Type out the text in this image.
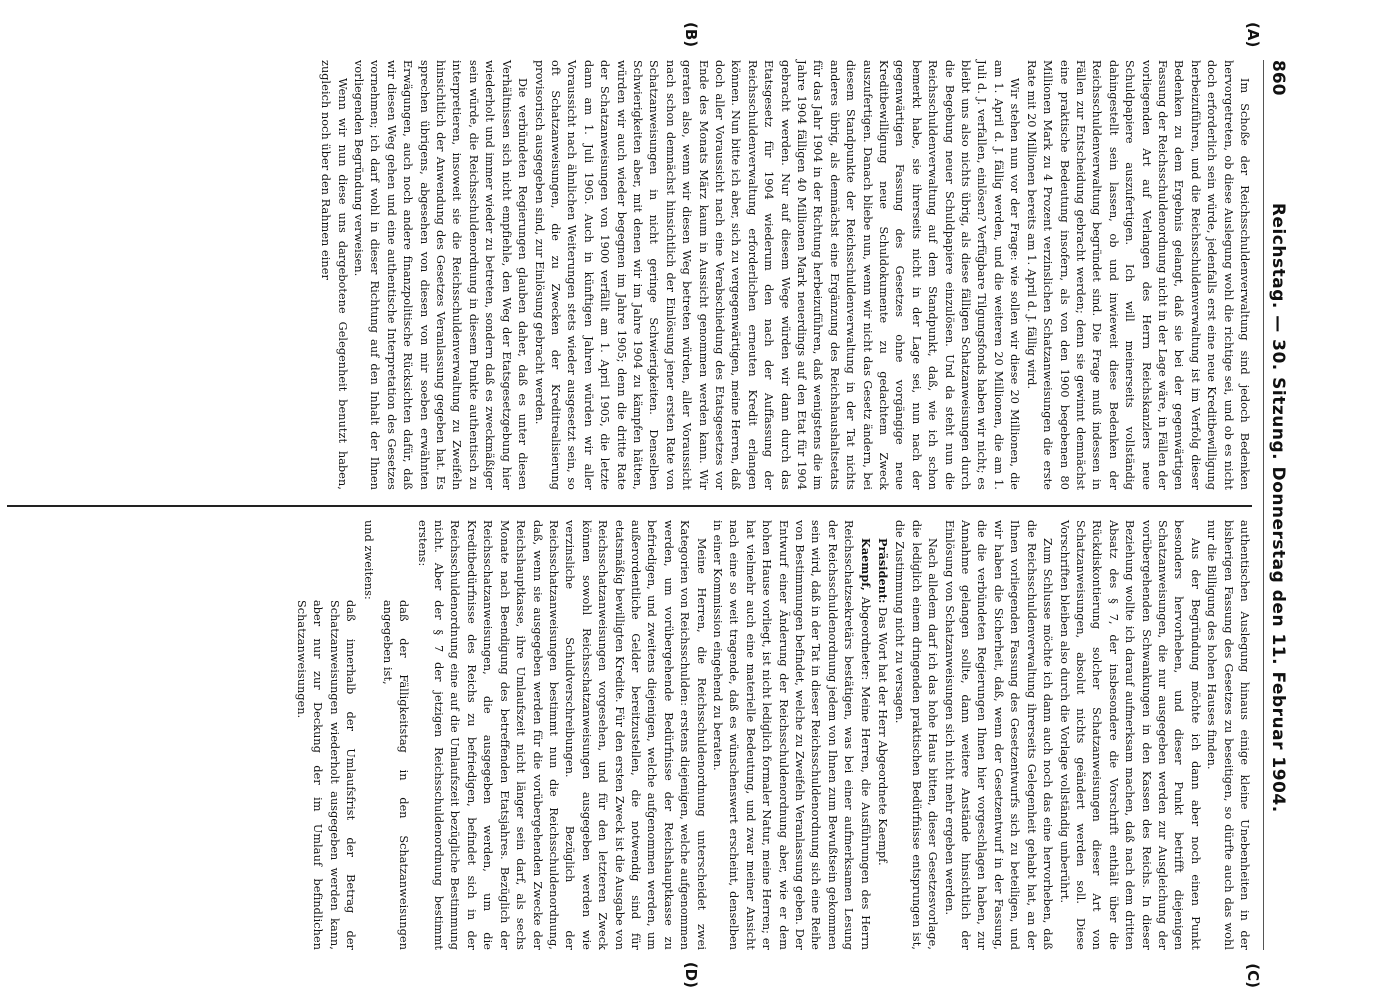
860
Reichstag. — 30. Sitzung. Donnerstag den 11. Februar 1904.
(A)
(B)
(C)
(D)

Im Schoße der Reichsschuldenverwaltung sind jedoch Bedenken hervorgetreten, ob diese Auslegung wohl die richtige sei, und ob es nicht doch erforderlich sein würde, jedenfalls erst eine neue Kreditbewilligung herbeizuführen, und die Reichsschuldenverwaltung ist im Verfolg dieser Bedenken zu dem Ergebnis gelangt, daß sie bei der gegenwärtigen Fassung der Reichsschuldenordnung nicht in der Lage wäre, in Fällen der vorliegenden Art auf Verlangen des Herrn Reichskanzlers neue Schuldpapiere auszufertigen. Ich will meinerseits vollständig dahingestellt sein lassen, ob und inwieweit diese Bedenken der Reichsschuldenverwaltung begründet sind. Die Frage muß indessen in Fällen zur Entscheidung gebracht werden; denn sie gewinnt demnächst eine praktische Bedeutung insofern, als von den 1900 begebenen 80 Millionen Mark zu 4 Prozent verzinslichen Schatzanweisungen die erste Rate mit 20 Millionen bereits am 1. April d. J. fällig wird.

Wir stehen nun vor der Frage: wie sollen wir diese 20 Millionen, die am 1. April d. J. fällig werden, und die weiteren 20 Millionen, die am 1. Juli d. J. verfallen, einlösen? Verfügbare Tilgungsfonds haben wir nicht; es bleibt uns also nichts übrig, als diese fälligen Schatzanweisungen durch die Begebung neuer Schuldpapiere einzulösen. Und da steht nun die Reichsschuldenverwaltung auf dem Standpunkt, daß, wie ich schon bemerkt habe, sie ihrerseits nicht in der Lage sei, nun nach der gegenwärtigen Fassung des Gesetzes ohne vorgängige neue Kreditbewilligung neue Schuldokumente zu gedachtem Zweck auszufertigen. Danach bliebe nun, wenn wir nicht das Gesetz ändern, bei diesem Standpunkte der Reichsschuldenverwaltung in der Tat nichts anderes übrig, als demnächst eine Ergänzung des Reichshaushaltsetats für das Jahr 1904 in der Richtung herbeizuführen, daß wenigstens die im Jahre 1904 fälligen 40 Millionen Mark neuerdings auf den Etat für 1904 gebracht werden. Nur auf diesem Wege würden wir dann durch das Etatsgesetz für 1904 wiederum den nach der Auffassung der Reichsschuldenverwaltung erforderlichen erneuten Kredit erlangen können. Nun bitte ich aber, sich zu vergegenwärtigen, meine Herren, daß doch aller Voraussicht nach eine Verabschiedung des Etatsgesetzes vor Ende des Monats März kaum in Aussicht genommen werden kann. Wir geraten also, wenn wir diesen Weg betreten würden, aller Voraussicht nach schon demnächst hinsichtlich der Einlösung jener ersten Rate von Schatzanweisungen in nicht geringe Schwierigkeiten. Denselben Schwierigkeiten aber, mit denen wir im Jahre 1904 zu kämpfen hätten, würden wir auch wieder begegnen im Jahre 1905; denn die dritte Rate der Schatzanweisungen von 1900 verfällt am 1. April 1905, die letzte dann am 1. Juli 1905. Auch in künftigen Jahren würden wir aller Voraussicht nach ähnlichen Weiterungen stets wieder ausgesetzt sein, so oft Schatzanweisungen, die zu Zwecken der Kreditrealisierung provisorisch ausgegeben sind, zur Einlösung gebracht werden.

Die verbündeten Regierungen glauben daher, daß es unter diesen Verhältnissen sich nicht empfiehle, den Weg der Etatsgesetzgebung hier wiederholt und immer wieder zu betreten, sondern daß es zweckmäßiger sein würde, die Reichsschuldenordnung in diesem Punkte authentisch zu interpretieren, insoweit sie die Reichsschuldenverwaltung zu Zweifeln hinsichtlich der Anwendung des Gesetzes Veranlassung gegeben hat. Es sprechen übrigens, abgesehen von diesen von mir soeben erwähnten Erwägungen, auch noch andere finanzpolitische Rücksichten dafür, daß wir diesen Weg gehen und eine authentische Interpretation des Gesetzes vornehmen; ich darf wohl in dieser Richtung auf den Inhalt der Ihnen vorliegenden Begründung verweisen.

Wenn wir nun diese uns dargebotene Gelegenheit benutzt haben, zugleich noch über den Rahmen einer

authentischen Auslegung hinaus einige kleine Unebenheiten in der bisherigen Fassung des Gesetzes zu beseitigen, so dürfte auch das wohl nur die Billigung des hohen Hauses finden.

Aus der Begründung möchte ich dann aber noch einen Punkt besonders hervorheben, und dieser Punkt betrifft diejenigen Schatzanweisungen, die nur ausgegeben werden zur Ausgleichung der vorübergehenden Schwankungen in den Kassen des Reichs. In dieser Beziehung wollte ich darauf aufmerksam machen, daß nach dem dritten Absatz des § 7, der insbesondere die Vorschrift enthält über die Rückdiskontierung solcher Schatzanweisungen dieser Art von Schatzanweisungen, absolut nichts geändert werden soll. Diese Vorschriften bleiben also durch die Vorlage vollständig unberührt.

Zum Schlusse möchte ich dann auch noch das eine hervorheben, daß die Reichsschuldenverwaltung ihrerseits Gelegenheit gehabt hat, an der Ihnen vorliegenden Fassung des Gesetzentwurfs sich zu beteiligen, und wir haben die Sicherheit, daß, wenn der Gesetzentwurf in der Fassung, die die verbündeten Regierungen Ihnen hier vorgeschlagen haben, zur Annahme gelangen sollte, dann weitere Anstände hinsichtlich der Einlösung von Schatzanweisungen sich nicht mehr ergeben werden.

Nach alledem darf ich das hohe Haus bitten, dieser Gesetzesvorlage, die lediglich einem dringenden praktischen Bedürfnisse entsprungen ist, die Zustimmung nicht zu versagen.

Präsident: Das Wort hat der Herr Abgeordnete Kaempf.

Kaempf, Abgeordneter: Meine Herren, die Ausführungen des Herrn Reichsschatzsekretärs bestätigen, was bei einer aufmerksamen Lesung der Reichsschuldenordnung jedem von Ihnen zum Bewußtsein gekommen sein wird, daß in der Tat in dieser Reichsschuldenordnung sich eine Reihe von Bestimmungen befindet, welche zu Zweifeln Veranlassung geben. Der Entwurf einer Änderung der Reichsschuldenordnung aber, wie er dem hohen Hause vorliegt, ist nicht lediglich formaler Natur, meine Herren; er hat vielmehr auch eine materielle Bedeutung, und zwar meiner Ansicht nach eine so weit tragende, daß es wünschenswert erscheint, denselben in einer Kommission eingehend zu beraten.

Meine Herren, die Reichsschuldenordnung unterscheidet zwei Kategorien von Reichsschulden: erstens diejenigen, welche aufgenommen werden, um vorübergehende Bedürfnisse der Reichshauptkasse zu befriedigen, und zweitens diejenigen, welche aufgenommen werden, um außerordentliche Gelder bereitzustellen, die notwendig sind für etatsmäßig bewilligten Kredite. Für den ersten Zweck ist die Ausgabe von Reichsschatzanweisungen vorgesehen, und für den letzteren Zweck können sowohl Reichsschatzanweisungen ausgegeben werden wie verzinsliche Schuldverschreibungen. Bezüglich der Reichsschatzanweisungen bestimmt nun die Reichsschuldenordnung, daß, wenn sie ausgegeben werden für die vorübergehenden Zwecke der Reichshauptkasse, ihre Umlaufszeit nicht länger sein darf, als sechs Monate nach Beendigung des betreffenden Etatsjahres. Bezüglich der Reichsschatzanweisungen, die ausgegeben werden, um die Kreditbedürfnisse des Reichs zu befriedigen, befindet sich in der Reichsschuldenordnung eine auf die Umlaufszeit bezügliche Bestimmung nicht. Aber der § 7 der jetzigen Reichsschuldenordnung bestimmt erstens:

daß der Fälligkeitstag in den Schatzanweisungen angegeben ist,

und zweitens:

daß innerhalb der Umlaufsfrist der Betrag der Schatzanweisungen wiederholt ausgegeben werden kann, aber nur zur Deckung der im Umlauf befindlichen Schatzanweisungen.
